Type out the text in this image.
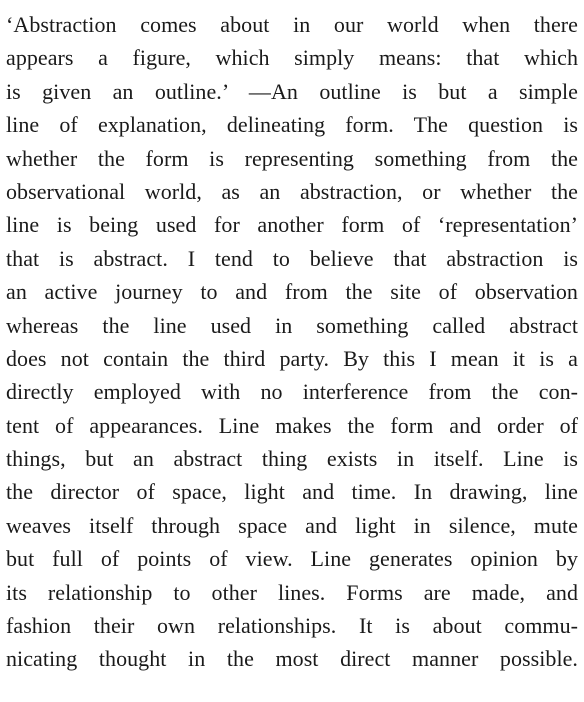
‘Abstraction comes about in our world when there
appears a figure, which simply means: that which
is given an outline.’ —An outline is but a simple
line of explanation, delineating form. The question is
whether the form is representing something from the
observational world, as an abstraction, or whether the
line is being used for another form of ‘representation’
that is abstract. I tend to believe that abstraction is
an active journey to and from the site of observation
whereas the line used in something called abstract
does not contain the third party. By this I mean it is a
directly employed with no interference from the con-
tent of appearances. Line makes the form and order of
things, but an abstract thing exists in itself. Line is
the director of space, light and time. In drawing, line
weaves itself through space and light in silence, mute
but full of points of view. Line generates opinion by
its relationship to other lines. Forms are made, and
fashion their own relationships. It is about commu-
nicating thought in the most direct manner possible.
